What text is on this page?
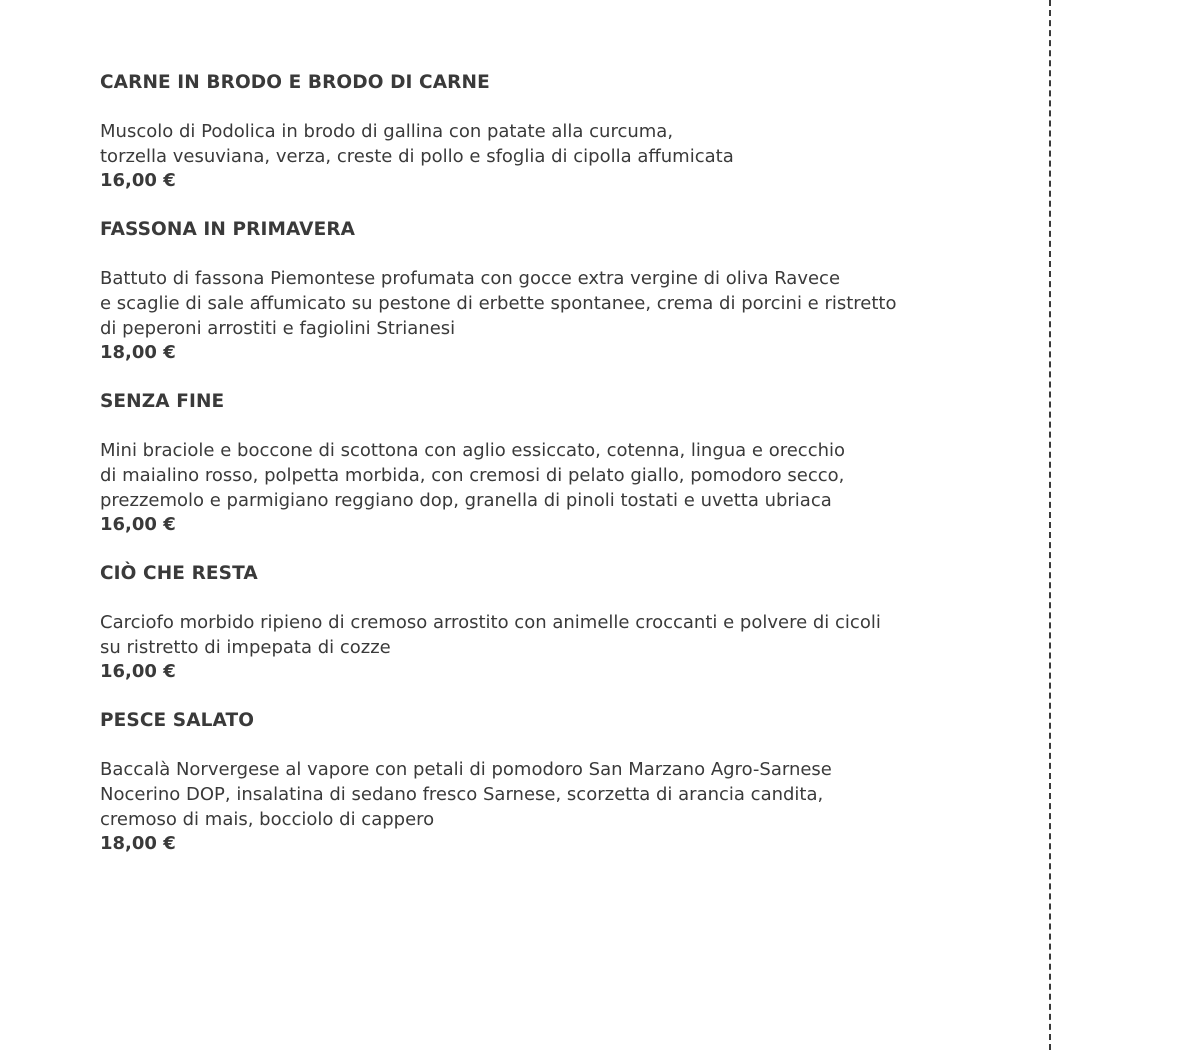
CARNE IN BRODO E BRODO DI CARNE
Muscolo di Podolica in brodo di gallina con patate alla curcuma,
torzella vesuviana, verza, creste di pollo e sfoglia di cipolla affumicata
16,00 €
FASSONA IN PRIMAVERA
Battuto di fassona Piemontese profumata con gocce extra vergine di oliva Ravece
e scaglie di sale affumicato su pestone di erbette spontanee, crema di porcini e ristretto
di peperoni arrostiti e fagiolini Strianesi
18,00 €
SENZA FINE
Mini braciole e boccone di scottona con aglio essiccato, cotenna, lingua e orecchio
di maialino rosso, polpetta morbida, con cremosi di pelato giallo, pomodoro secco,
prezzemolo e parmigiano reggiano dop, granella di pinoli tostati e uvetta ubriaca
16,00 €
CIÒ CHE RESTA
Carciofo morbido ripieno di cremoso arrostito con animelle croccanti e polvere di cicoli
su ristretto di impepata di cozze
16,00 €
PESCE SALATO
Baccalà Norvergese al vapore con petali di pomodoro San Marzano Agro-Sarnese
Nocerino DOP, insalatina di sedano fresco Sarnese, scorzetta di arancia candita,
cremoso di mais, bocciolo di cappero
18,00 €
